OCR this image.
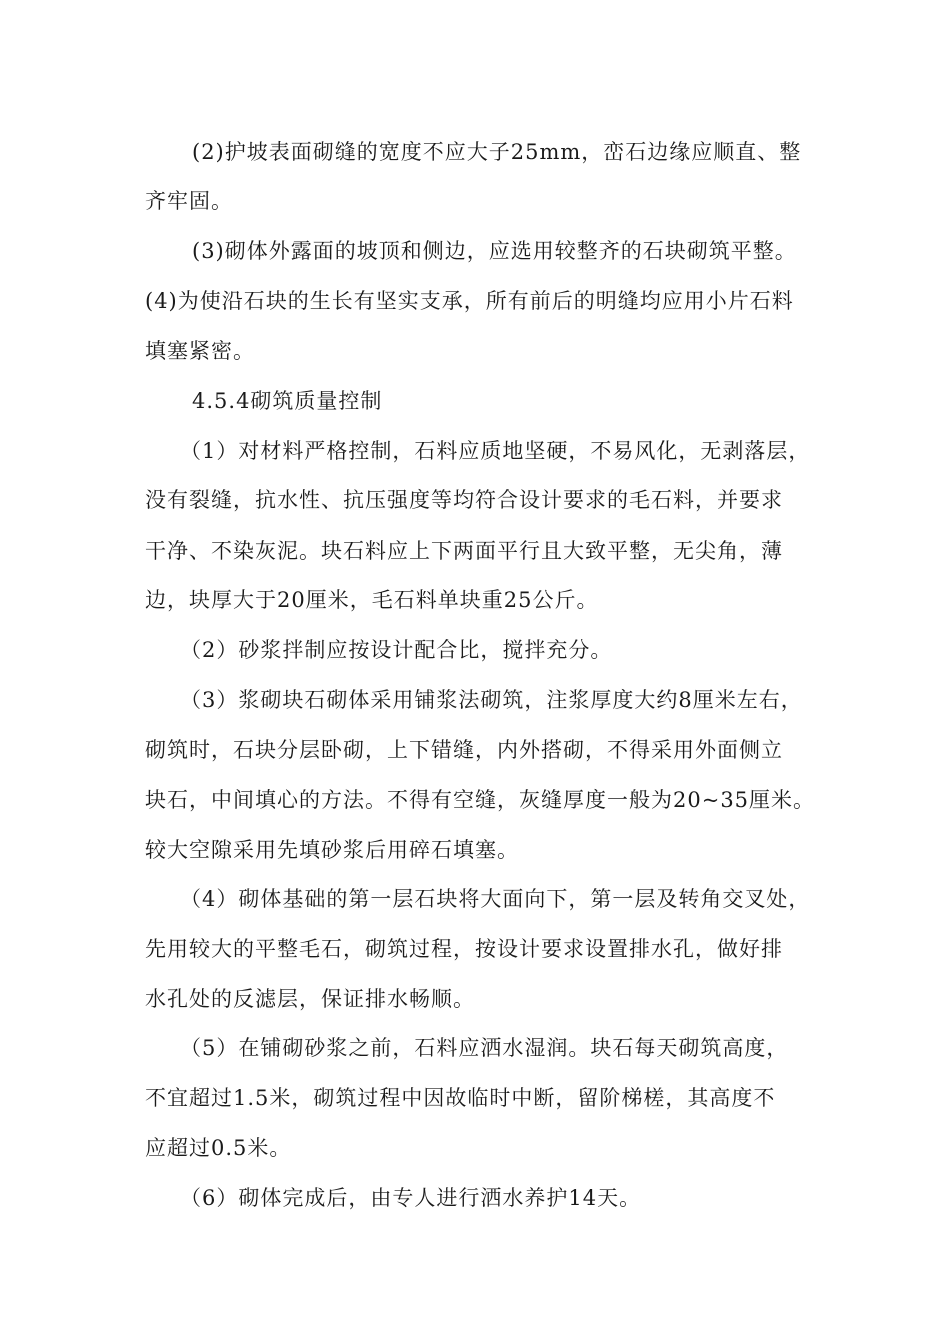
(2)护坡表面砌缝的宽度不应大子25mm，峦石边缘应顺直、整
齐牢固。
(3)砌体外露面的坡顶和侧边，应选用较整齐的石块砌筑平整。
(4)为使沿石块的生长有坚实支承，所有前后的明缝均应用小片石料
填塞紧密。
4.5.4砌筑质量控制
（1）对材料严格控制，石料应质地坚硬，不易风化，无剥落层，
没有裂缝，抗水性、抗压强度等均符合设计要求的毛石料，并要求
干净、不染灰泥。块石料应上下两面平行且大致平整，无尖角，薄
边，块厚大于20厘米，毛石料单块重25公斤。
（2）砂浆拌制应按设计配合比，搅拌充分。
（3）浆砌块石砌体采用铺浆法砌筑，注浆厚度大约8厘米左右，
砌筑时，石块分层卧砌，上下错缝，内外搭砌，不得采用外面侧立
块石，中间填心的方法。不得有空缝，灰缝厚度一般为20~35厘米。
较大空隙采用先填砂浆后用碎石填塞。
（4）砌体基础的第一层石块将大面向下，第一层及转角交叉处，
先用较大的平整毛石，砌筑过程，按设计要求设置排水孔，做好排
水孔处的反滤层，保证排水畅顺。
（5）在铺砌砂浆之前，石料应洒水湿润。块石每天砌筑高度，
不宜超过1.5米，砌筑过程中因故临时中断，留阶梯槎，其高度不
应超过0.5米。
（6）砌体完成后，由专人进行洒水养护14天。
